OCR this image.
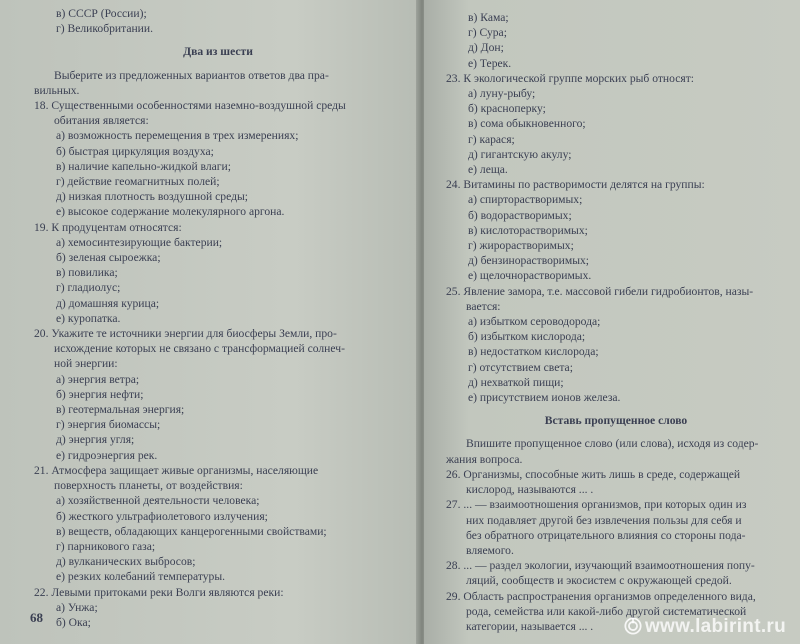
в) СССР (России);
г) Великобритании.
Два из шести
Выберите из предложенных вариантов ответов два пра-
вильных.
18. Существенными особенностями наземно-воздушной среды
обитания является:
а) возможность перемещения в трех измерениях;
б) быстрая циркуляция воздуха;
в) наличие капельно-жидкой влаги;
г) действие геомагнитных полей;
д) низкая плотность воздушной среды;
е) высокое содержание молекулярного аргона.
19. К продуцентам относятся:
а) хемосинтезирующие бактерии;
б) зеленая сыроежка;
в) повилика;
г) гладиолус;
д) домашняя курица;
е) куропатка.
20. Укажите те источники энергии для биосферы Земли, про-
исхождение которых не связано с трансформацией солнеч-
ной энергии:
а) энергия ветра;
б) энергия нефти;
в) геотермальная энергия;
г) энергия биомассы;
д) энергия угля;
е) гидроэнергия рек.
21. Атмосфера защищает живые организмы, населяющие
поверхность планеты, от воздействия:
а) хозяйственной деятельности человека;
б) жесткого ультрафиолетового излучения;
в) веществ, обладающих канцерогенными свойствами;
г) парникового газа;
д) вулканических выбросов;
е) резких колебаний температуры.
22. Левыми притоками реки Волги являются реки:
а) Унжа;
б) Ока;
68
в) Кама;
г) Сура;
д) Дон;
е) Терек.
23. К экологической группе морских рыб относят:
а) луну-рыбу;
б) красноперку;
в) сома обыкновенного;
г) карася;
д) гигантскую акулу;
е) леща.
24. Витамины по растворимости делятся на группы:
а) спирторастворимых;
б) водорастворимых;
в) кислоторастворимых;
г) жирорастворимых;
д) бензинорастворимых;
е) щелочнорастворимых.
25. Явление замора, т.е. массовой гибели гидробионтов, назы-
вается:
а) избытком сероводорода;
б) избытком кислорода;
в) недостатком кислорода;
г) отсутствием света;
д) нехваткой пищи;
е) присутствием ионов железа.
Вставь пропущенное слово
Впишите пропущенное слово (или слова), исходя из содер-
жания вопроса.
26. Организмы, способные жить лишь в среде, содержащей
кислород, называются ... .
27. ... — взаимоотношения организмов, при которых один из
них подавляет другой без извлечения пользы для себя и
без обратного отрицательного влияния со стороны пода-
вляемого.
28. ... — раздел экологии, изучающий взаимоотношения попу-
ляций, сообществ и экосистем с окружающей средой.
29. Область распространения организмов определенного вида,
рода, семейства или какой-либо другой систематической
категории, называется ... .	www.labirint.ru
